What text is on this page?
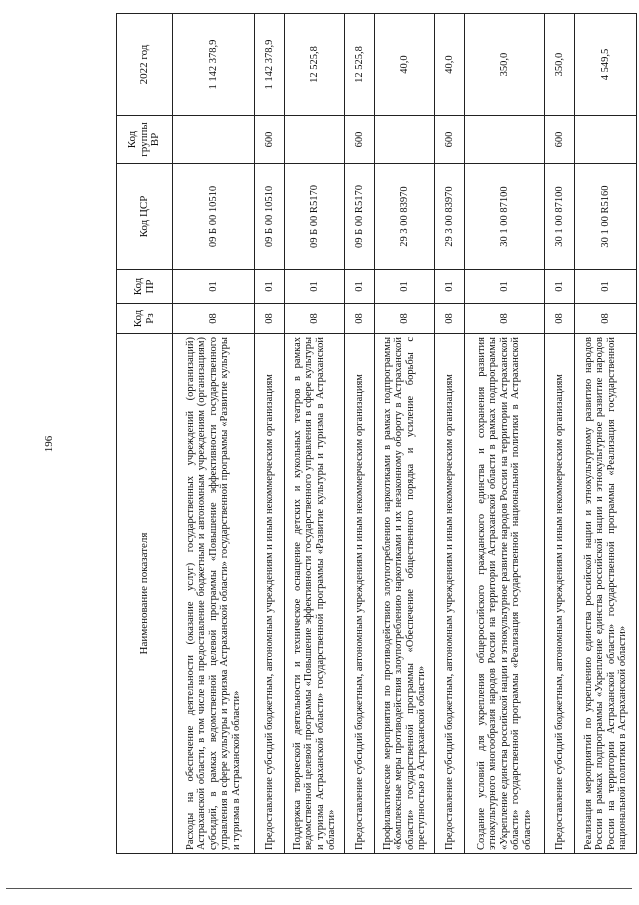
196
Наименование показателя	Код Рз	Код ПР	Код ЦСР	Код группы ВР	2022 год
Расходы на обеспечение деятельности (оказание услуг) государственных учреждений (организаций) Астраханской области, в том числе на предоставление бюджетным и автономным учреждениям (организациям) субсидий, в рамках ведомственной целевой программы «Повышение эффективности государственного управления в сфере культуры и туризма Астраханской области» государственной программы «Развитие культуры и туризма в Астраханской области»	08	01	09 Б 00 10510		1 142 378,9
Предоставление субсидий бюджетным, автономным учреждениям и иным некоммерческим организациям	08	01	09 Б 00 10510	600	1 142 378,9
Поддержка творческой деятельности и техническое оснащение детских и кукольных театров в рамках ведомственной целевой программы «Повышение эффективности государственного управления в сфере культуры и туризма Астраханской области» государственной программы «Развитие культуры и туризма в Астраханской области»	08	01	09 Б 00 R5170		12 525,8
Предоставление субсидий бюджетным, автономным учреждениям и иным некоммерческим организациям	08	01	09 Б 00 R5170	600	12 525,8
Профилактические мероприятия по противодействию злоупотреблению наркотиками в рамках подпрограммы «Комплексные меры противодействия злоупотреблению наркотиками и их незаконному обороту в Астраханской области» государственной программы «Обеспечение общественного порядка и усиление борьбы с преступностью в Астраханской области»	08	01	29 3 00 83970		40,0
Предоставление субсидий бюджетным, автономным учреждениям и иным некоммерческим организациям	08	01	29 3 00 83970	600	40,0
Создание условий для укрепления общероссийского гражданского единства и сохранения развития этнокультурного многообразия народов России на территории Астраханской области в рамках подпрограммы «Укрепление единства российской нации и этнокультурное развитие народов России на территории Астраханской области» государственной программы «Реализация государственной национальной политики в Астраханской области»	08	01	30 1 00 87100		350,0
Предоставление субсидий бюджетным, автономным учреждениям и иным некоммерческим организациям	08	01	30 1 00 87100	600	350,0
Реализация мероприятий по укреплению единства российской нации и этнокультурному развитию народов России в рамках подпрограммы «Укрепление единства российской нации и этнокультурное развитие народов России на территории Астраханской области» государственной программы «Реализация государственной национальной политики в Астраханской области»	08	01	30 1 00 R5160		4 549,5
